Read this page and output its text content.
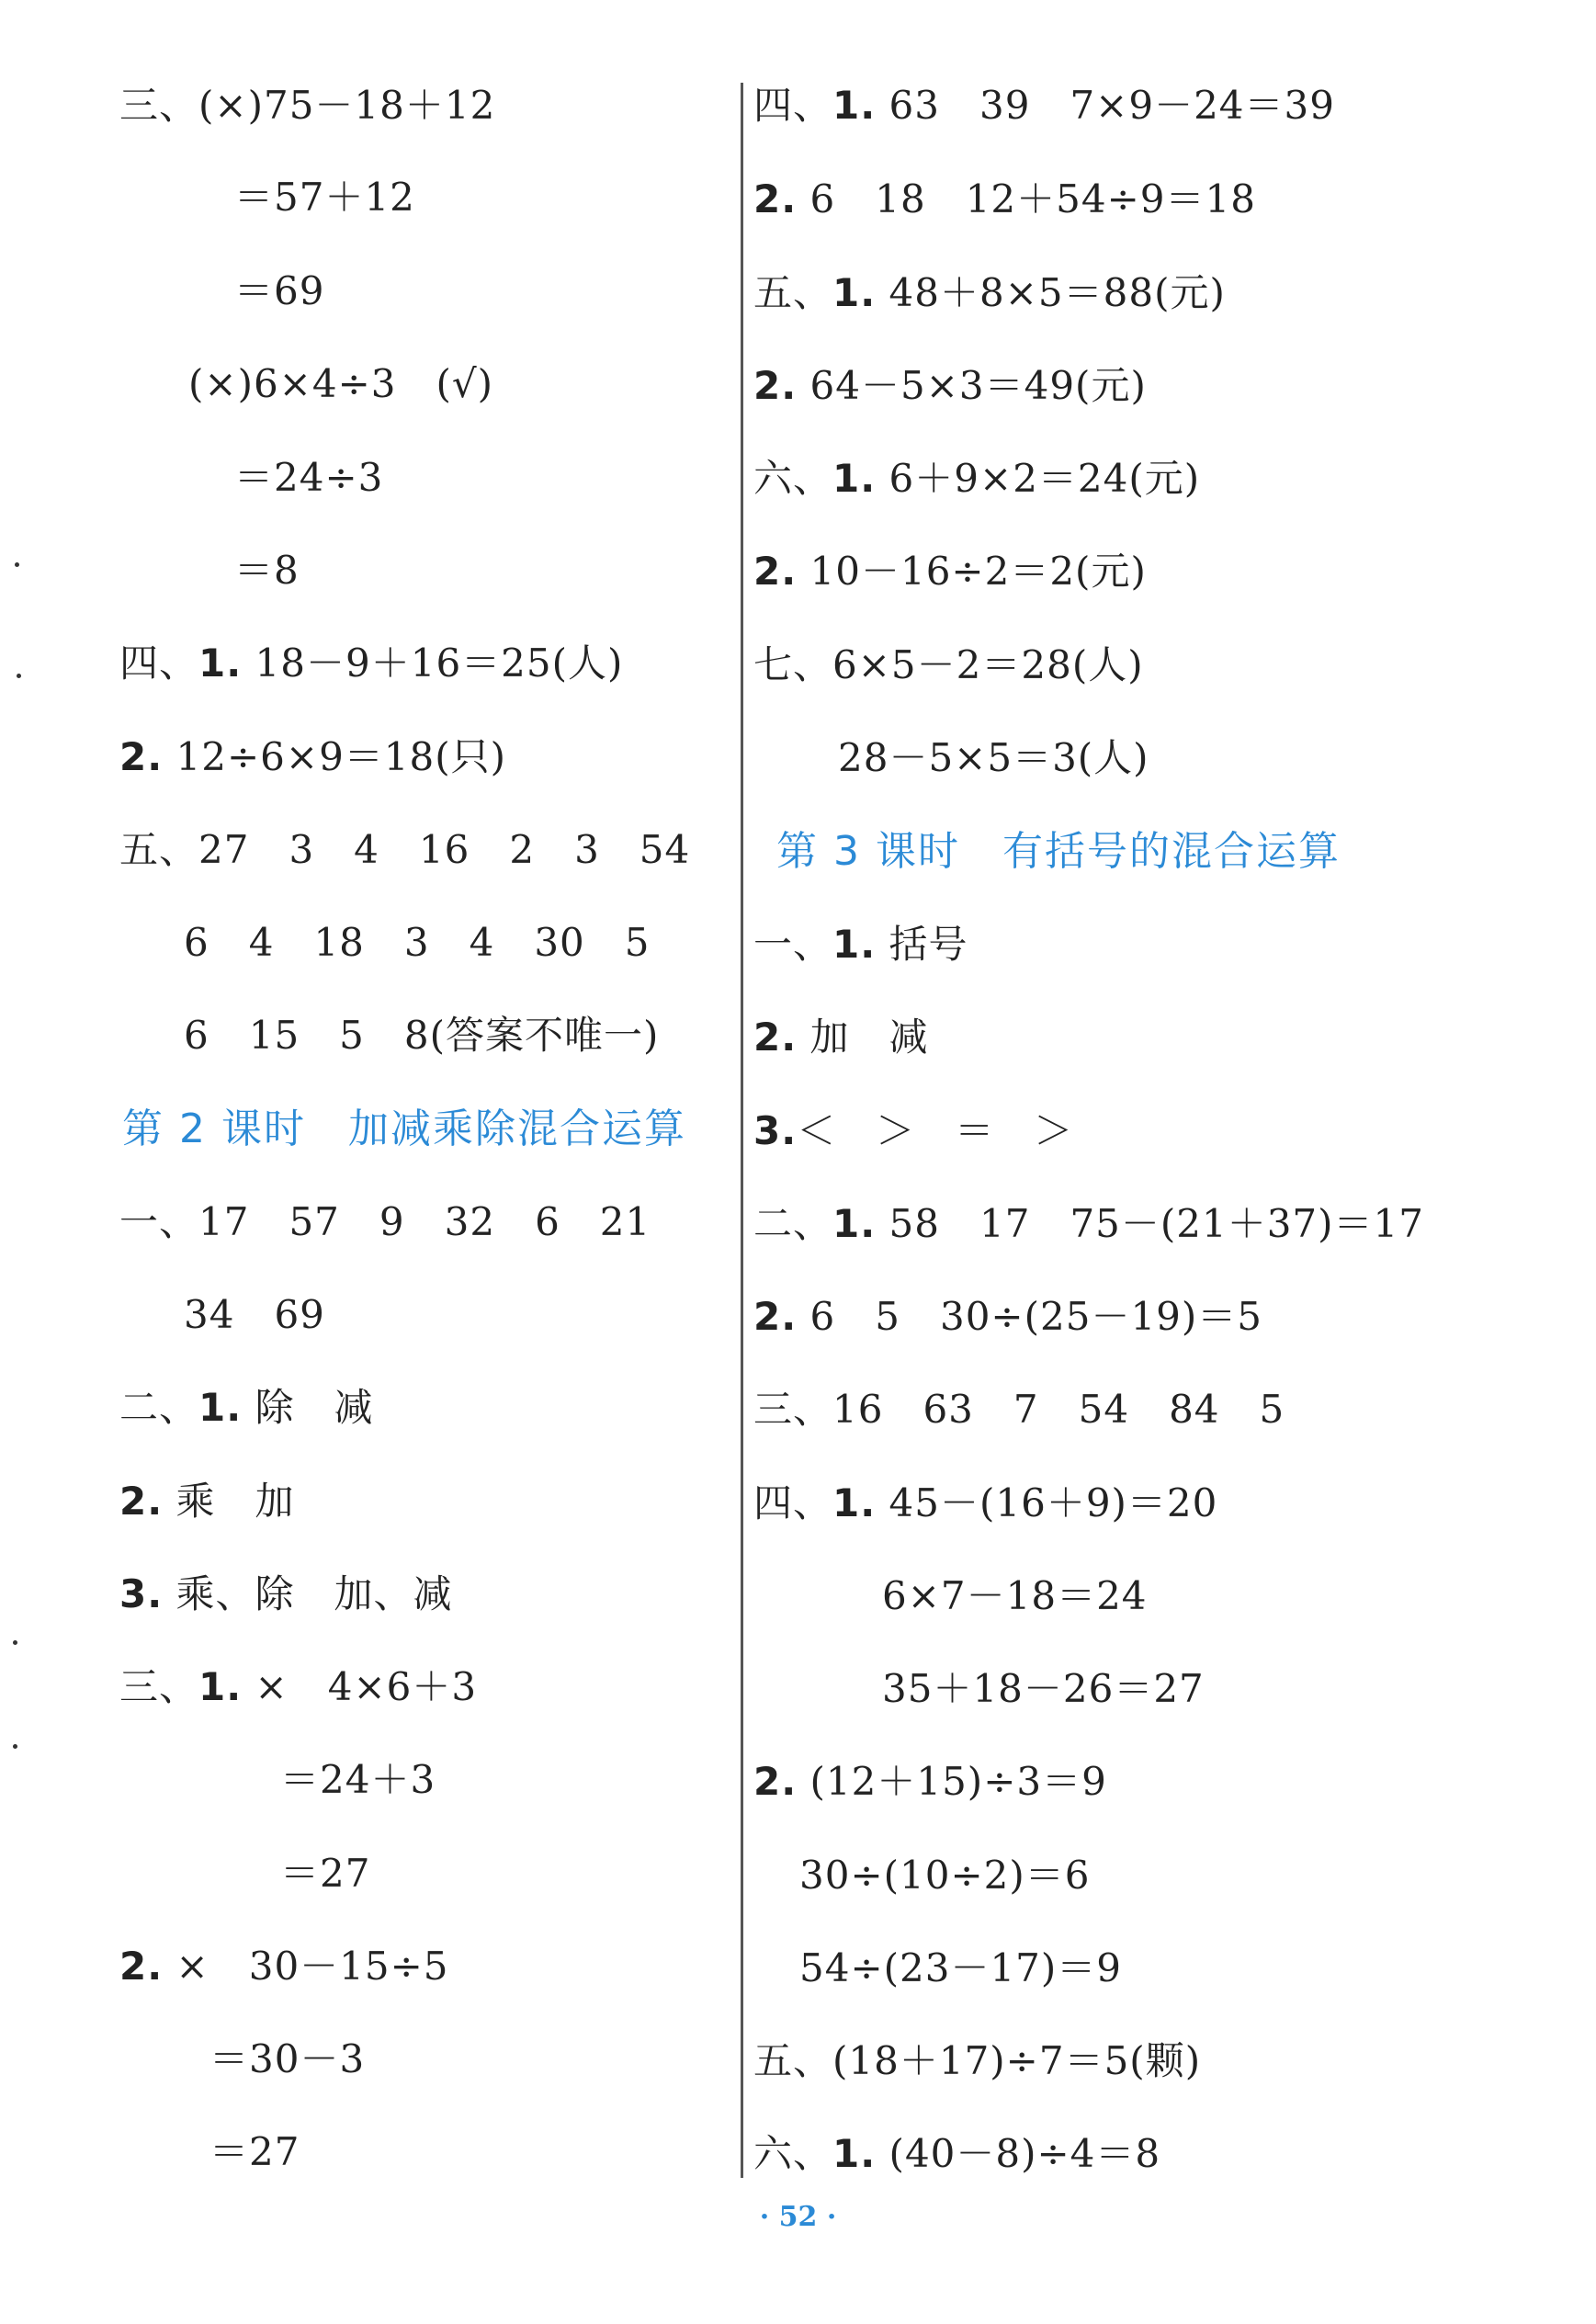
三、(×)75－18＋12
＝57＋12
＝69
(×)6×4÷3　(√)
＝24÷3
＝8
四、1. 18－9＋16＝25(人)
2. 12÷6×9＝18(只)
五、27　3　4　16　2　3　54
6　4　18　3　4　30　5
6　15　5　8(答案不唯一)
第 2 课时　加减乘除混合运算
一、17　57　9　32　6　21
34　69
二、1. 除　减
2. 乘　加
3. 乘、除　加、减
三、1. ×　4×6＋3
＝24＋3
＝27
2. ×　30－15÷5
＝30－3
＝27
四、1. 63　39　7×9－24＝39
2. 6　18　12＋54÷9＝18
五、1. 48＋8×5＝88(元)
2. 64－5×3＝49(元)
六、1. 6＋9×2＝24(元)
2. 10－16÷2＝2(元)
七、6×5－2＝28(人)
28－5×5＝3(人)
第 3 课时　有括号的混合运算
一、1. 括号
2. 加　减
3.＜　＞　＝　＞
二、1. 58　17　75－(21＋37)＝17
2. 6　5　30÷(25－19)＝5
三、16　63　7　54　84　5
四、1. 45－(16＋9)＝20
6×7－18＝24
35＋18－26＝27
2. (12＋15)÷3＝9
30÷(10÷2)＝6
54÷(23－17)＝9
五、(18＋17)÷7＝5(颗)
六、1. (40－8)÷4＝8
· 52 ·
